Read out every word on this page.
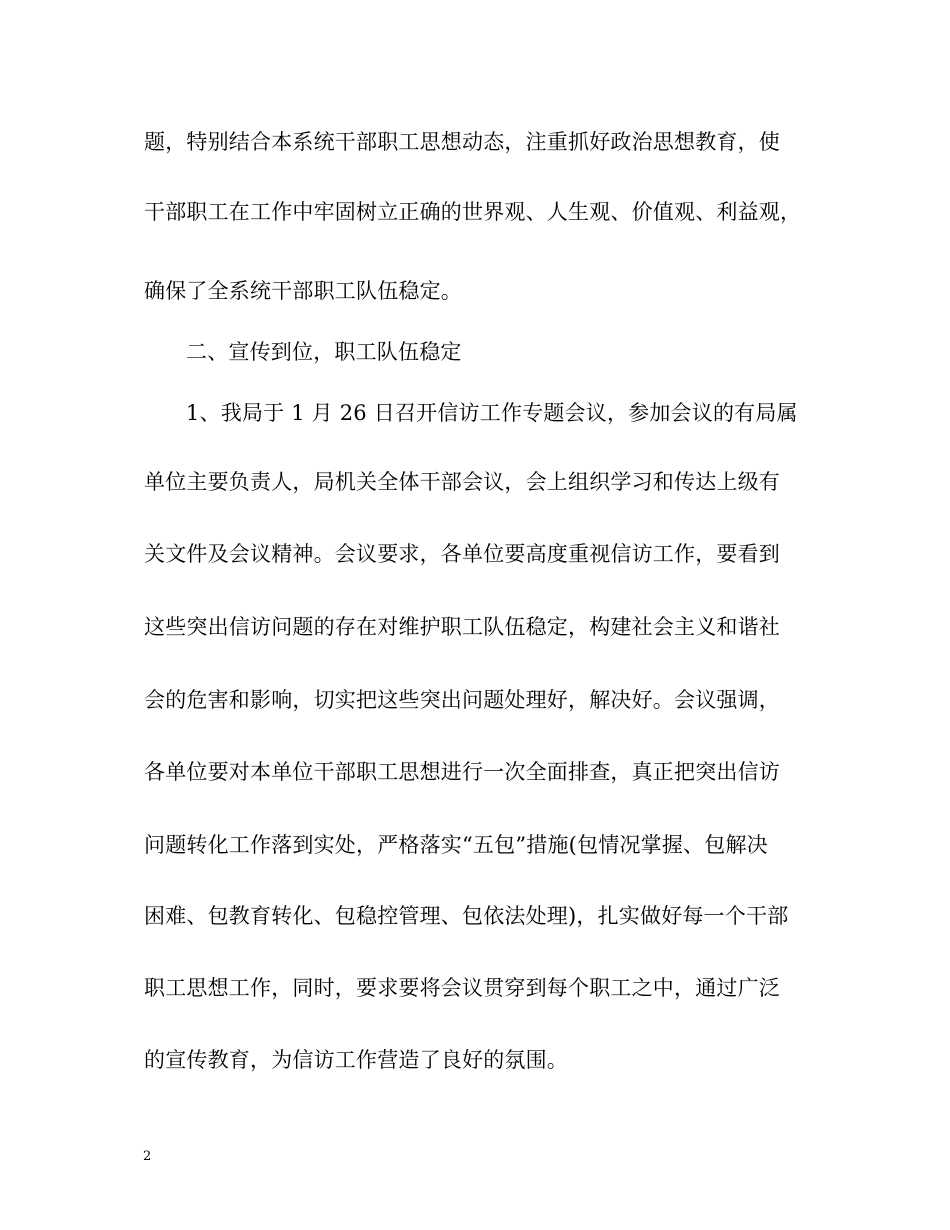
题，特别结合本系统干部职工思想动态，注重抓好政治思想教育，使
干部职工在工作中牢固树立正确的世界观、人生观、价值观、利益观，
确保了全系统干部职工队伍稳定。
二、宣传到位，职工队伍稳定
1、我局于 1 月 26 日召开信访工作专题会议，参加会议的有局属
单位主要负责人，局机关全体干部会议，会上组织学习和传达上级有
关文件及会议精神。会议要求，各单位要高度重视信访工作，要看到
这些突出信访问题的存在对维护职工队伍稳定，构建社会主义和谐社
会的危害和影响，切实把这些突出问题处理好，解决好。会议强调，
各单位要对本单位干部职工思想进行一次全面排查，真正把突出信访
问题转化工作落到实处，严格落实“五包”措施(包情况掌握、包解决
困难、包教育转化、包稳控管理、包依法处理)，扎实做好每一个干部
职工思想工作，同时，要求要将会议贯穿到每个职工之中，通过广泛
的宣传教育，为信访工作营造了良好的氛围。
2
